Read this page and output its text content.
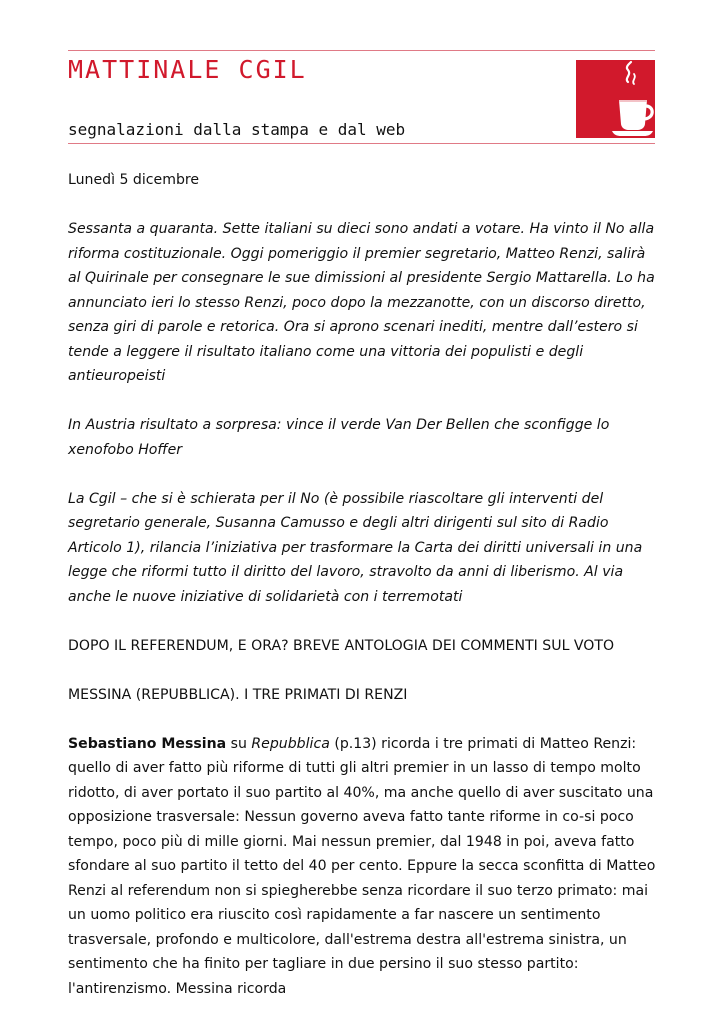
MATTINALE CGIL
segnalazioni dalla stampa e dal web

Lunedì 5 dicembre

Sessanta a quaranta. Sette italiani su dieci sono andati a votare. Ha vinto il No alla riforma costituzionale. Oggi pomeriggio il premier segretario, Matteo Renzi, salirà al Quirinale per consegnare le sue dimissioni al presidente Sergio Mattarella. Lo ha annunciato ieri lo stesso Renzi, poco dopo la mezzanotte, con un discorso diretto, senza giri di parole e retorica. Ora si aprono scenari inediti, mentre dall’estero si tende a leggere il risultato italiano come una vittoria dei populisti e degli antieuropeisti

In Austria risultato a sorpresa: vince il verde Van Der Bellen che sconfigge lo xenofobo Hoffer

La Cgil – che si è schierata per il No (è possibile riascoltare gli interventi del segretario generale, Susanna Camusso e degli altri dirigenti sul sito di Radio Articolo 1), rilancia l’iniziativa per trasformare la Carta dei diritti universali in una legge che riformi tutto il diritto del lavoro, stravolto da anni di liberismo. Al via anche le nuove iniziative di solidarietà con i terremotati

DOPO IL REFERENDUM, E ORA? BREVE ANTOLOGIA DEI COMMENTI SUL VOTO

MESSINA (REPUBBLICA). I TRE PRIMATI DI RENZI

Sebastiano Messina su Repubblica (p.13) ricorda i tre primati di Matteo Renzi: quello di aver fatto più riforme di tutti gli altri premier in un lasso di tempo molto ridotto, di aver portato il suo partito al 40%, ma anche quello di aver suscitato una opposizione trasversale: Nessun governo aveva fatto tante riforme in co-si poco tempo, poco più di mille giorni. Mai nessun premier, dal 1948 in poi, aveva fatto sfondare al suo partito il tetto del 40 per cento. Eppure la secca sconfitta di Matteo Renzi al referendum non si spiegherebbe senza ricordare il suo terzo primato: mai un uomo politico era riuscito così rapidamente a far nascere un sentimento trasversale, profondo e multicolore, dall'estrema destra all'estrema sinistra, un sentimento che ha finito per tagliare in due persino il suo stesso partito: l'antirenzismo. Messina ricorda
